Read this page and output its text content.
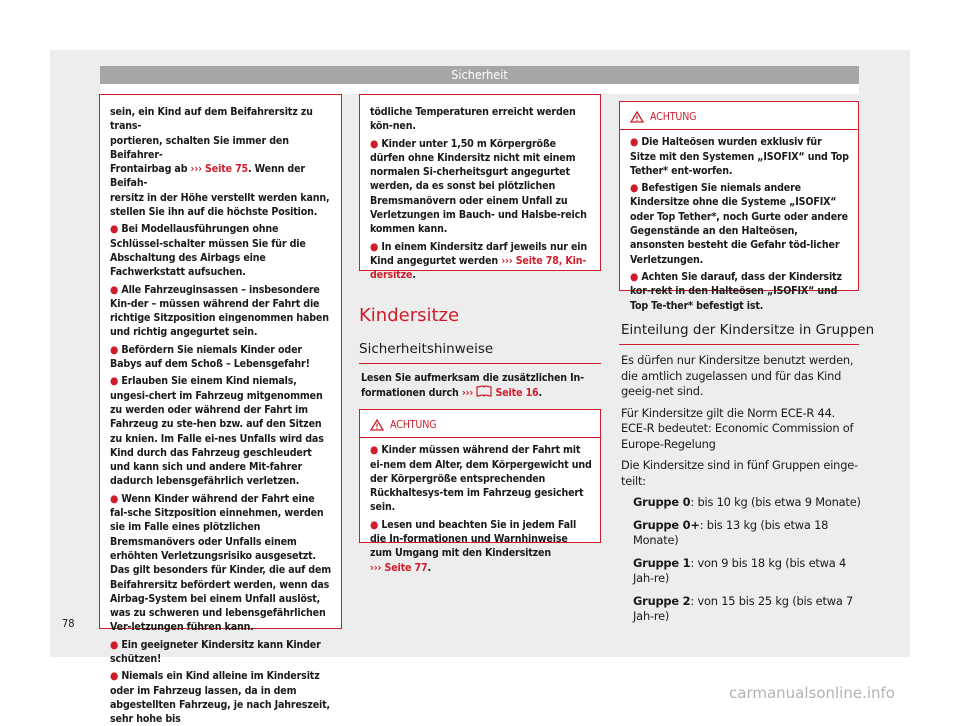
Sicherheit

sein, ein Kind auf dem Beifahrersitz zu trans-
portieren, schalten Sie immer den Beifahrer-
Frontairbag ab ››› Seite 75. Wenn der Beifah-
rersitz in der Höhe verstellt werden kann,
stellen Sie ihn auf die höchste Position.

● Bei Modellausführungen ohne Schlüssel-schalter müssen Sie für die Abschaltung des Airbags eine Fachwerkstatt aufsuchen.

● Alle Fahrzeuginsassen – insbesondere Kin-der – müssen während der Fahrt die richtige Sitzposition eingenommen haben und richtig angegurtet sein.

● Befördern Sie niemals Kinder oder Babys auf dem Schoß – Lebensgefahr!

● Erlauben Sie einem Kind niemals, ungesi-chert im Fahrzeug mitgenommen zu werden oder während der Fahrt im Fahrzeug zu ste-hen bzw. auf den Sitzen zu knien. Im Falle ei-nes Unfalls wird das Kind durch das Fahrzeug geschleudert und kann sich und andere Mit-fahrer dadurch lebensgefährlich verletzen.

● Wenn Kinder während der Fahrt eine fal-sche Sitzposition einnehmen, werden sie im Falle eines plötzlichen Bremsmanövers oder Unfalls einem erhöhten Verletzungsrisiko ausgesetzt. Das gilt besonders für Kinder, die auf dem Beifahrersitz befördert werden, wenn das Airbag-System bei einem Unfall auslöst, was zu schweren und lebensgefährlichen Ver-letzungen führen kann.

● Ein geeigneter Kindersitz kann Kinder schützen!

● Niemals ein Kind alleine im Kindersitz oder im Fahrzeug lassen, da in dem abgestellten Fahrzeug, je nach Jahreszeit, sehr hohe bis

tödliche Temperaturen erreicht werden kön-nen.

● Kinder unter 1,50 m Körpergröße dürfen ohne Kindersitz nicht mit einem normalen Si-cherheitsgurt angegurtet werden, da es sonst bei plötzlichen Bremsmanövern oder einem Unfall zu Verletzungen im Bauch- und Halsbe-reich kommen kann.

● In einem Kindersitz darf jeweils nur ein Kind angegurtet werden ››› Seite 78, Kin-dersitze.

Kindersitze
Sicherheitshinweise
Lesen Sie aufmerksam die zusätzlichen In-formationen durch ›››  Seite 16.
ACHTUNG

● Kinder müssen während der Fahrt mit ei-nem dem Alter, dem Körpergewicht und der Körpergröße entsprechenden Rückhaltesys-tem im Fahrzeug gesichert sein.

● Lesen und beachten Sie in jedem Fall die In-formationen und Warnhinweise zum Umgang mit den Kindersitzen ››› Seite 77.

ACHTUNG

● Die Halteösen wurden exklusiv für Sitze mit den Systemen „ISOFIX“ und Top Tether* ent-worfen.

● Befestigen Sie niemals andere Kindersitze ohne die Systeme „ISOFIX“ oder Top Tether*, noch Gurte oder andere Gegenstände an den Halteösen, ansonsten besteht die Gefahr töd-licher Verletzungen.

● Achten Sie darauf, dass der Kindersitz kor-rekt in den Halteösen „ISOFIX“ und Top Te-ther* befestigt ist.

Einteilung der Kindersitze in Gruppen

Es dürfen nur Kindersitze benutzt werden, die amtlich zugelassen und für das Kind geeig-net sind.

Für Kindersitze gilt die Norm ECE-R 44. ECE-R bedeutet: Economic Commission of Europe-Regelung

Die Kindersitze sind in fünf Gruppen einge-teilt:

Gruppe 0: bis 10 kg (bis etwa 9 Monate)

Gruppe 0+: bis 13 kg (bis etwa 18 Monate)

Gruppe 1: von 9 bis 18 kg (bis etwa 4 Jah-re)

Gruppe 2: von 15 bis 25 kg (bis etwa 7 Jah-re)

78
carmanualsonline.info
